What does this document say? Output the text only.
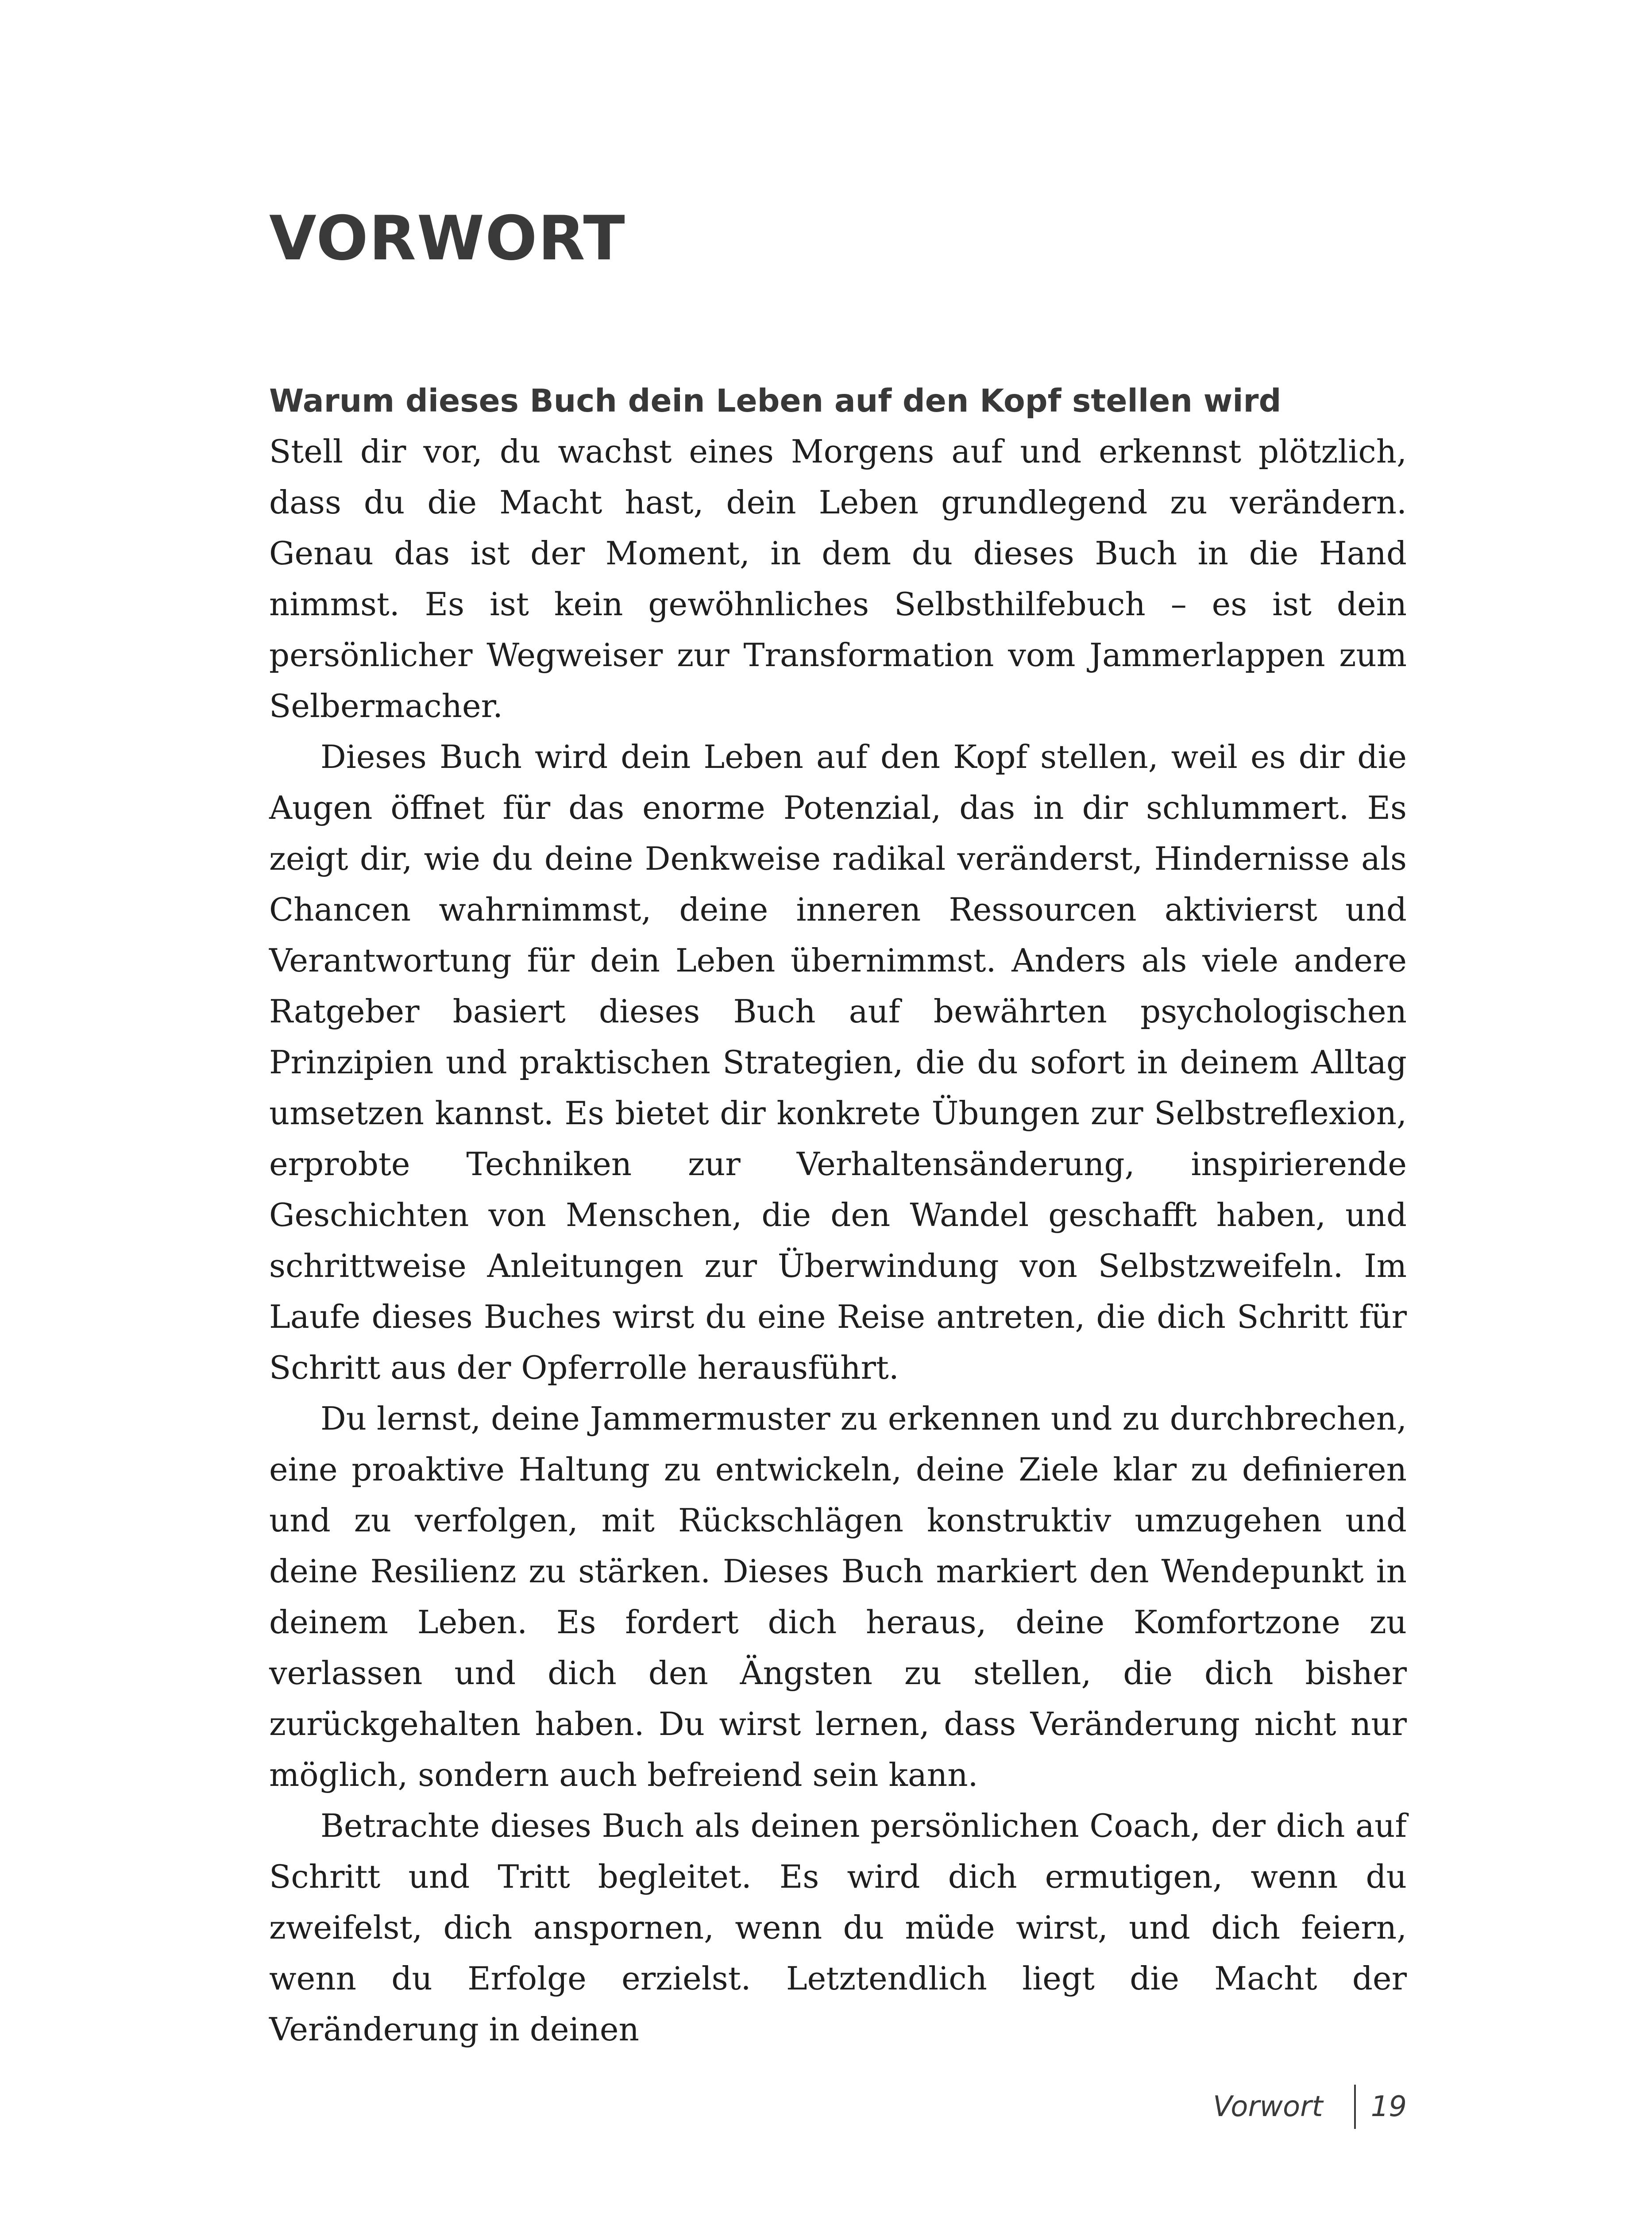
VORWORT
Warum dieses Buch dein Leben auf den Kopf stellen wird

Stell dir vor, du wachst eines Morgens auf und erkennst plötzlich, dass du die Macht hast, dein Leben grundlegend zu verändern. Genau das ist der Moment, in dem du dieses Buch in die Hand nimmst. Es ist kein gewöhnliches Selbsthilfebuch – es ist dein persönlicher Wegweiser zur Transformation vom Jammerlappen zum Selbermacher.

Dieses Buch wird dein Leben auf den Kopf stellen, weil es dir die Augen öffnet für das enorme Potenzial, das in dir schlummert. Es zeigt dir, wie du deine Denkweise radikal veränderst, Hindernisse als Chancen wahrnimmst, deine inneren Ressourcen aktivierst und Verantwortung für dein Leben übernimmst. Anders als viele andere Ratgeber basiert dieses Buch auf bewährten psychologischen Prinzipien und praktischen Strategien, die du sofort in deinem Alltag umsetzen kannst. Es bietet dir konkrete Übungen zur Selbstreflexion, erprobte Techniken zur Verhaltensänderung, inspirierende Geschichten von Menschen, die den Wandel geschafft haben, und schrittweise Anleitungen zur Überwindung von Selbstzweifeln. Im Laufe dieses Buches wirst du eine Reise antreten, die dich Schritt für Schritt aus der Opferrolle herausführt.

Du lernst, deine Jammermuster zu erkennen und zu durchbrechen, eine proaktive Haltung zu entwickeln, deine Ziele klar zu definieren und zu verfolgen, mit Rückschlägen konstruktiv umzugehen und deine Resilienz zu stärken. Dieses Buch markiert den Wendepunkt in deinem Leben. Es fordert dich heraus, deine Komfortzone zu verlassen und dich den Ängsten zu stellen, die dich bisher zurückgehalten haben. Du wirst lernen, dass Veränderung nicht nur möglich, sondern auch befreiend sein kann.

Betrachte dieses Buch als deinen persönlichen Coach, der dich auf Schritt und Tritt begleitet. Es wird dich ermutigen, wenn du zweifelst, dich anspornen, wenn du müde wirst, und dich feiern, wenn du Erfolge erzielst. Letztendlich liegt die Macht der Veränderung in deinen

Vorwort 19
